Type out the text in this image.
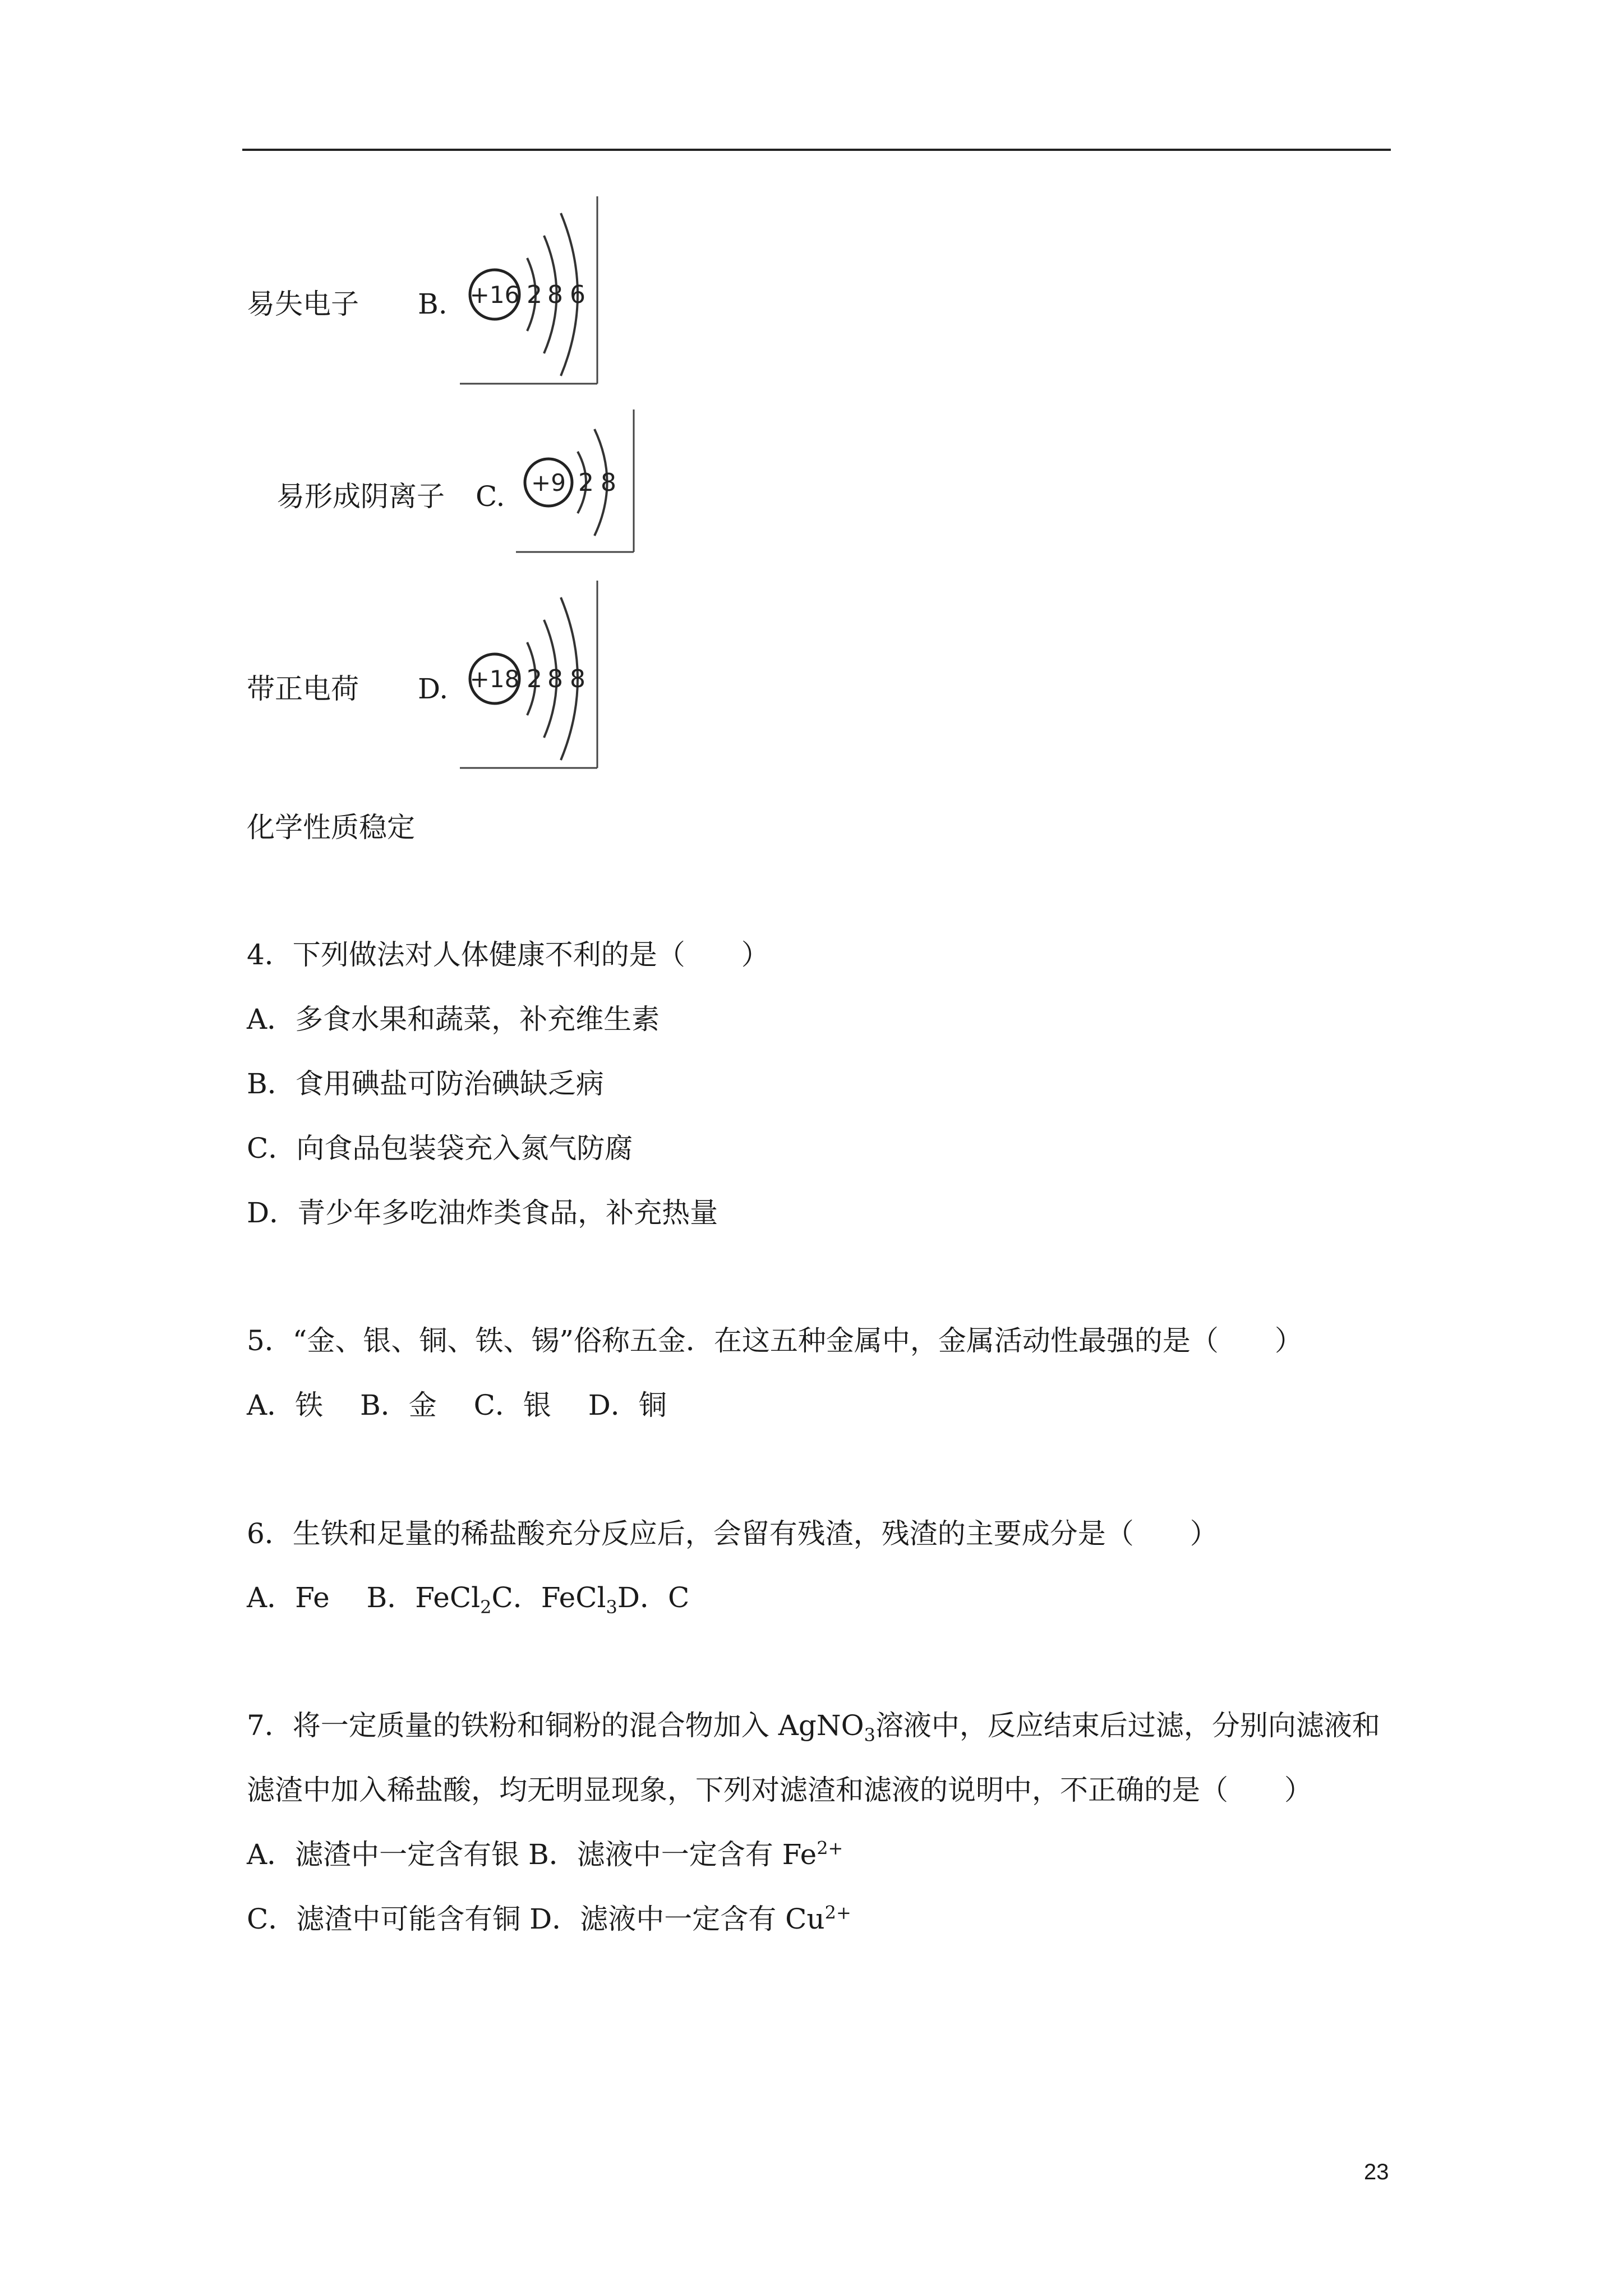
易失电子 B. +16 2 8 6
易形成阴离子 C. +9 2 8
带正电荷 D. +18 2 8 8
化学性质稳定
4．下列做法对人体健康不利的是（　　）
A．多食水果和蔬菜，补充维生素
B．食用碘盐可防治碘缺乏病
C．向食品包装袋充入氮气防腐
D．青少年多吃油炸类食品，补充热量
5．“金、银、铜、铁、锡”俗称五金．在这五种金属中，金属活动性最强的是（　　）
A．铁　 B．金　 C．银　 D．铜
6．生铁和足量的稀盐酸充分反应后，会留有残渣，残渣的主要成分是（　　）
A．Fe　 B．FeCl$_2$C．FeCl$_3$D．C
7．将一定质量的铁粉和铜粉的混合物加入 AgNO$_3$溶液中，反应结束后过滤，分别向滤液和
滤渣中加入稀盐酸，均无明显现象，下列对滤渣和滤液的说明中，不正确的是（　　）
A．滤渣中一定含有银 B．滤液中一定含有 $Fe^{2+}$
C．滤渣中可能含有铜 D．滤液中一定含有 $Cu^{2+}$
23
